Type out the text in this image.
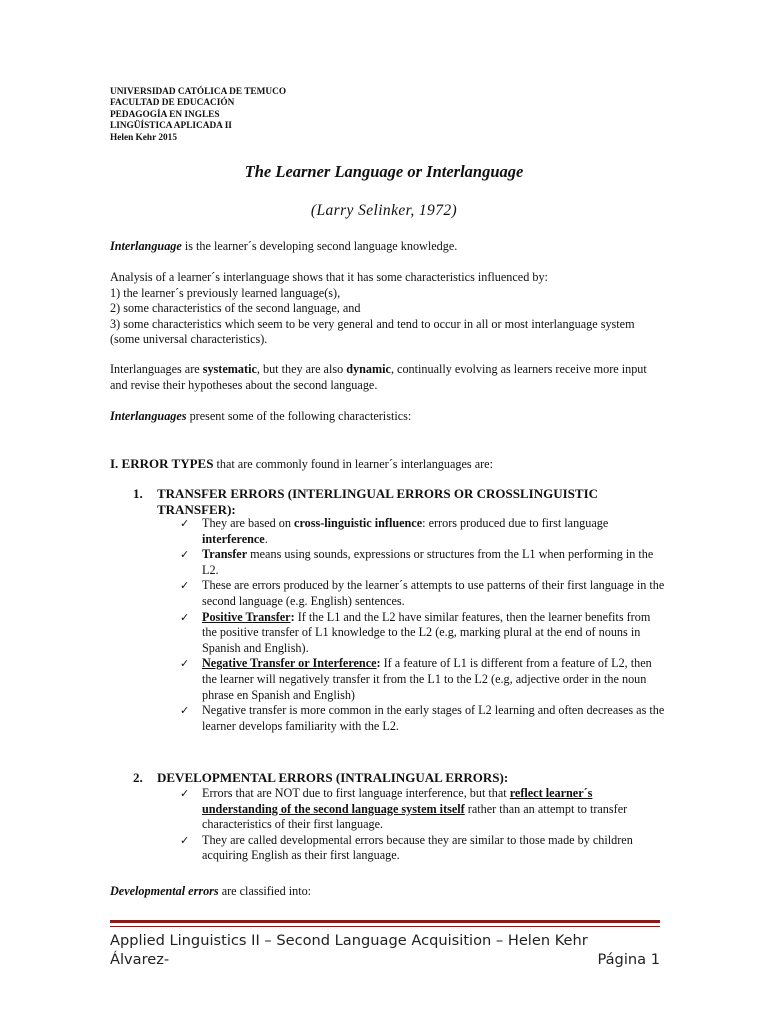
UNIVERSIDAD CATÓLICA DE TEMUCO
FACULTAD DE EDUCACIÓN
PEDAGOGÍA EN INGLES
LINGÜÍSTICA APLICADA II
Helen Kehr 2015
The Learner Language or Interlanguage
(Larry Selinker, 1972)

Interlanguage is the learner´s developing second language knowledge.

Analysis of a learner´s interlanguage shows that it has some characteristics influenced by:

1) the learner´s previously learned language(s),

2) some characteristics of the second language, and

3) some characteristics which seem to be very general and tend to occur in all or most interlanguage system (some universal characteristics).

Interlanguages are systematic, but they are also dynamic, continually evolving as learners receive more input and revise their hypotheses about the second language.

Interlanguages present some of the following characteristics:

I. ERROR TYPES that are commonly found in learner´s interlanguages are:

1. TRANSFER ERRORS (INTERLINGUAL ERRORS OR CROSSLINGUISTIC TRANSFER):

✓ They are based on cross-linguistic influence: errors produced due to first language interference.

✓ Transfer means using sounds, expressions or structures from the L1 when performing in the L2.

✓ These are errors produced by the learner´s attempts to use patterns of their first language in the second language (e.g. English) sentences.

✓ Positive Transfer: If the L1 and the L2 have similar features, then the learner benefits from the positive transfer of L1 knowledge to the L2 (e.g, marking plural at the end of nouns in Spanish and English).

✓ Negative Transfer or Interference: If a feature of L1 is different from a feature of L2, then the learner will negatively transfer it from the L1 to the L2 (e.g, adjective order in the noun phrase en Spanish and English)

✓ Negative transfer is more common in the early stages of L2 learning and often decreases as the learner develops familiarity with the L2.

2. DEVELOPMENTAL ERRORS (INTRALINGUAL ERRORS):

✓ Errors that are NOT due to first language interference, but that reflect learner´s understanding of the second language system itself rather than an attempt to transfer characteristics of their first language.

✓ They are called developmental errors because they are similar to those made by children acquiring English as their first language.

Developmental errors are classified into:

Applied Linguistics II – Second Language Acquisition – Helen Kehr
Álvarez-	Página 1
